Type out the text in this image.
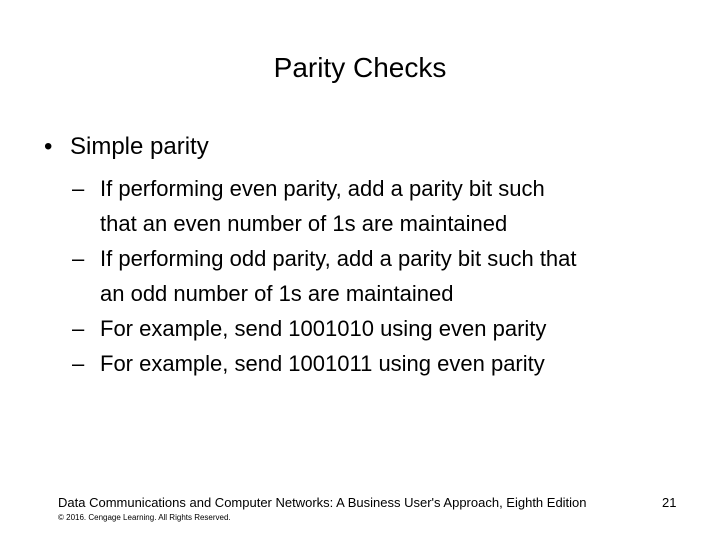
Parity Checks
• Simple parity
– If performing even parity, add a parity bit such
that an even number of 1s are maintained
– If performing odd parity, add a parity bit such that
an odd number of 1s are maintained
– For example, send 1001010 using even parity
– For example, send 1001011 using even parity
Data Communications and Computer Networks: A Business User's Approach, Eighth Edition
© 2016. Cengage Learning. All Rights Reserved.
21
